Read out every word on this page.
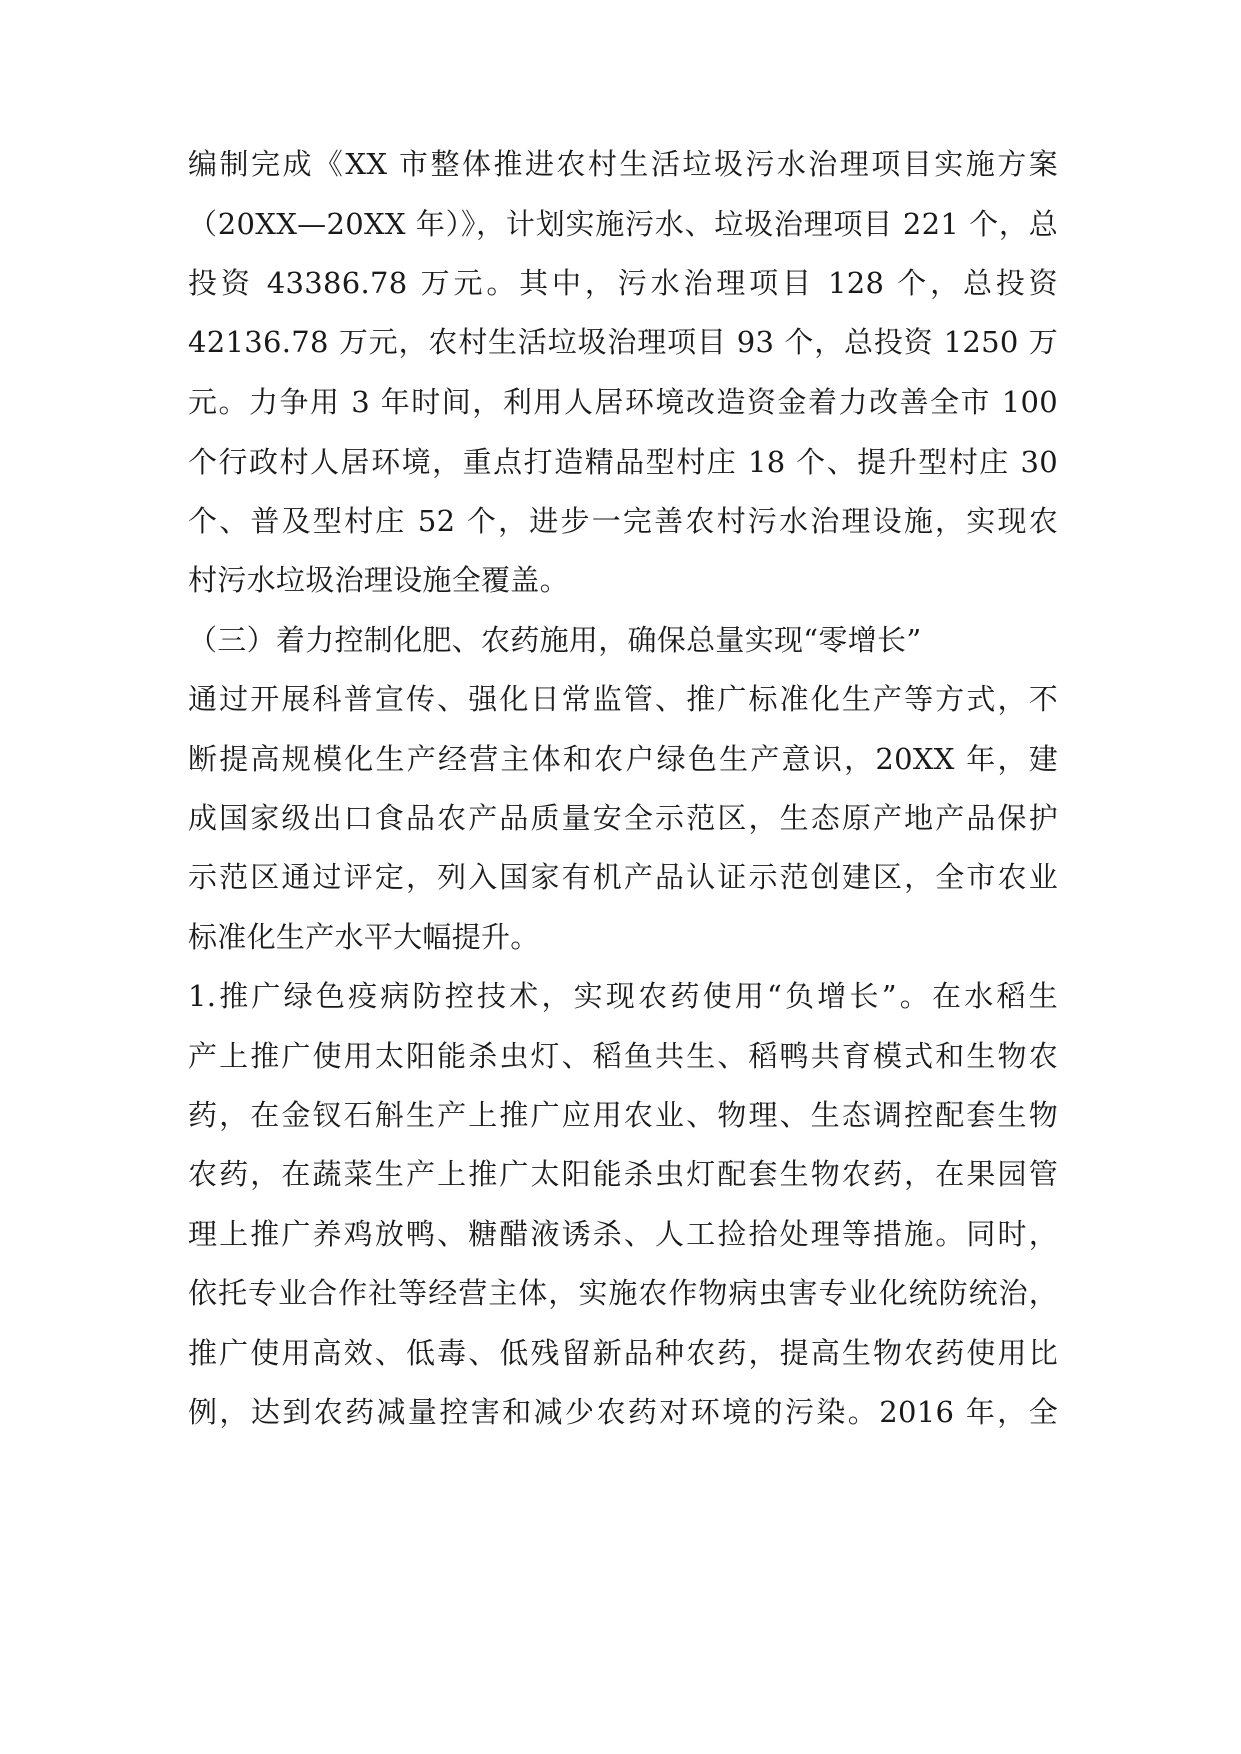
编制完成《XX 市整体推进农村生活垃圾污水治理项目实施方案
（20XX—20XX 年）》，计划实施污水、垃圾治理项目 221 个，总
投资 43386.78 万元。其中，污水治理项目 128 个，总投资
42136.78 万元，农村生活垃圾治理项目 93 个，总投资 1250 万
元。力争用 3 年时间，利用人居环境改造资金着力改善全市 100
个行政村人居环境，重点打造精品型村庄 18 个、提升型村庄 30
个、普及型村庄 52 个，进步一完善农村污水治理设施，实现农
村污水垃圾治理设施全覆盖。
（三）着力控制化肥、农药施用，确保总量实现“零增长”
通过开展科普宣传、强化日常监管、推广标准化生产等方式，不
断提高规模化生产经营主体和农户绿色生产意识，20XX 年，建
成国家级出口食品农产品质量安全示范区，生态原产地产品保护
示范区通过评定，列入国家有机产品认证示范创建区，全市农业
标准化生产水平大幅提升。
1.推广绿色疫病防控技术，实现农药使用“负增长”。在水稻生
产上推广使用太阳能杀虫灯、稻鱼共生、稻鸭共育模式和生物农
药，在金钗石斛生产上推广应用农业、物理、生态调控配套生物
农药，在蔬菜生产上推广太阳能杀虫灯配套生物农药，在果园管
理上推广养鸡放鸭、糖醋液诱杀、人工捡拾处理等措施。同时，
依托专业合作社等经营主体，实施农作物病虫害专业化统防统治，
推广使用高效、低毒、低残留新品种农药，提高生物农药使用比
例，达到农药减量控害和减少农药对环境的污染。2016 年，全
